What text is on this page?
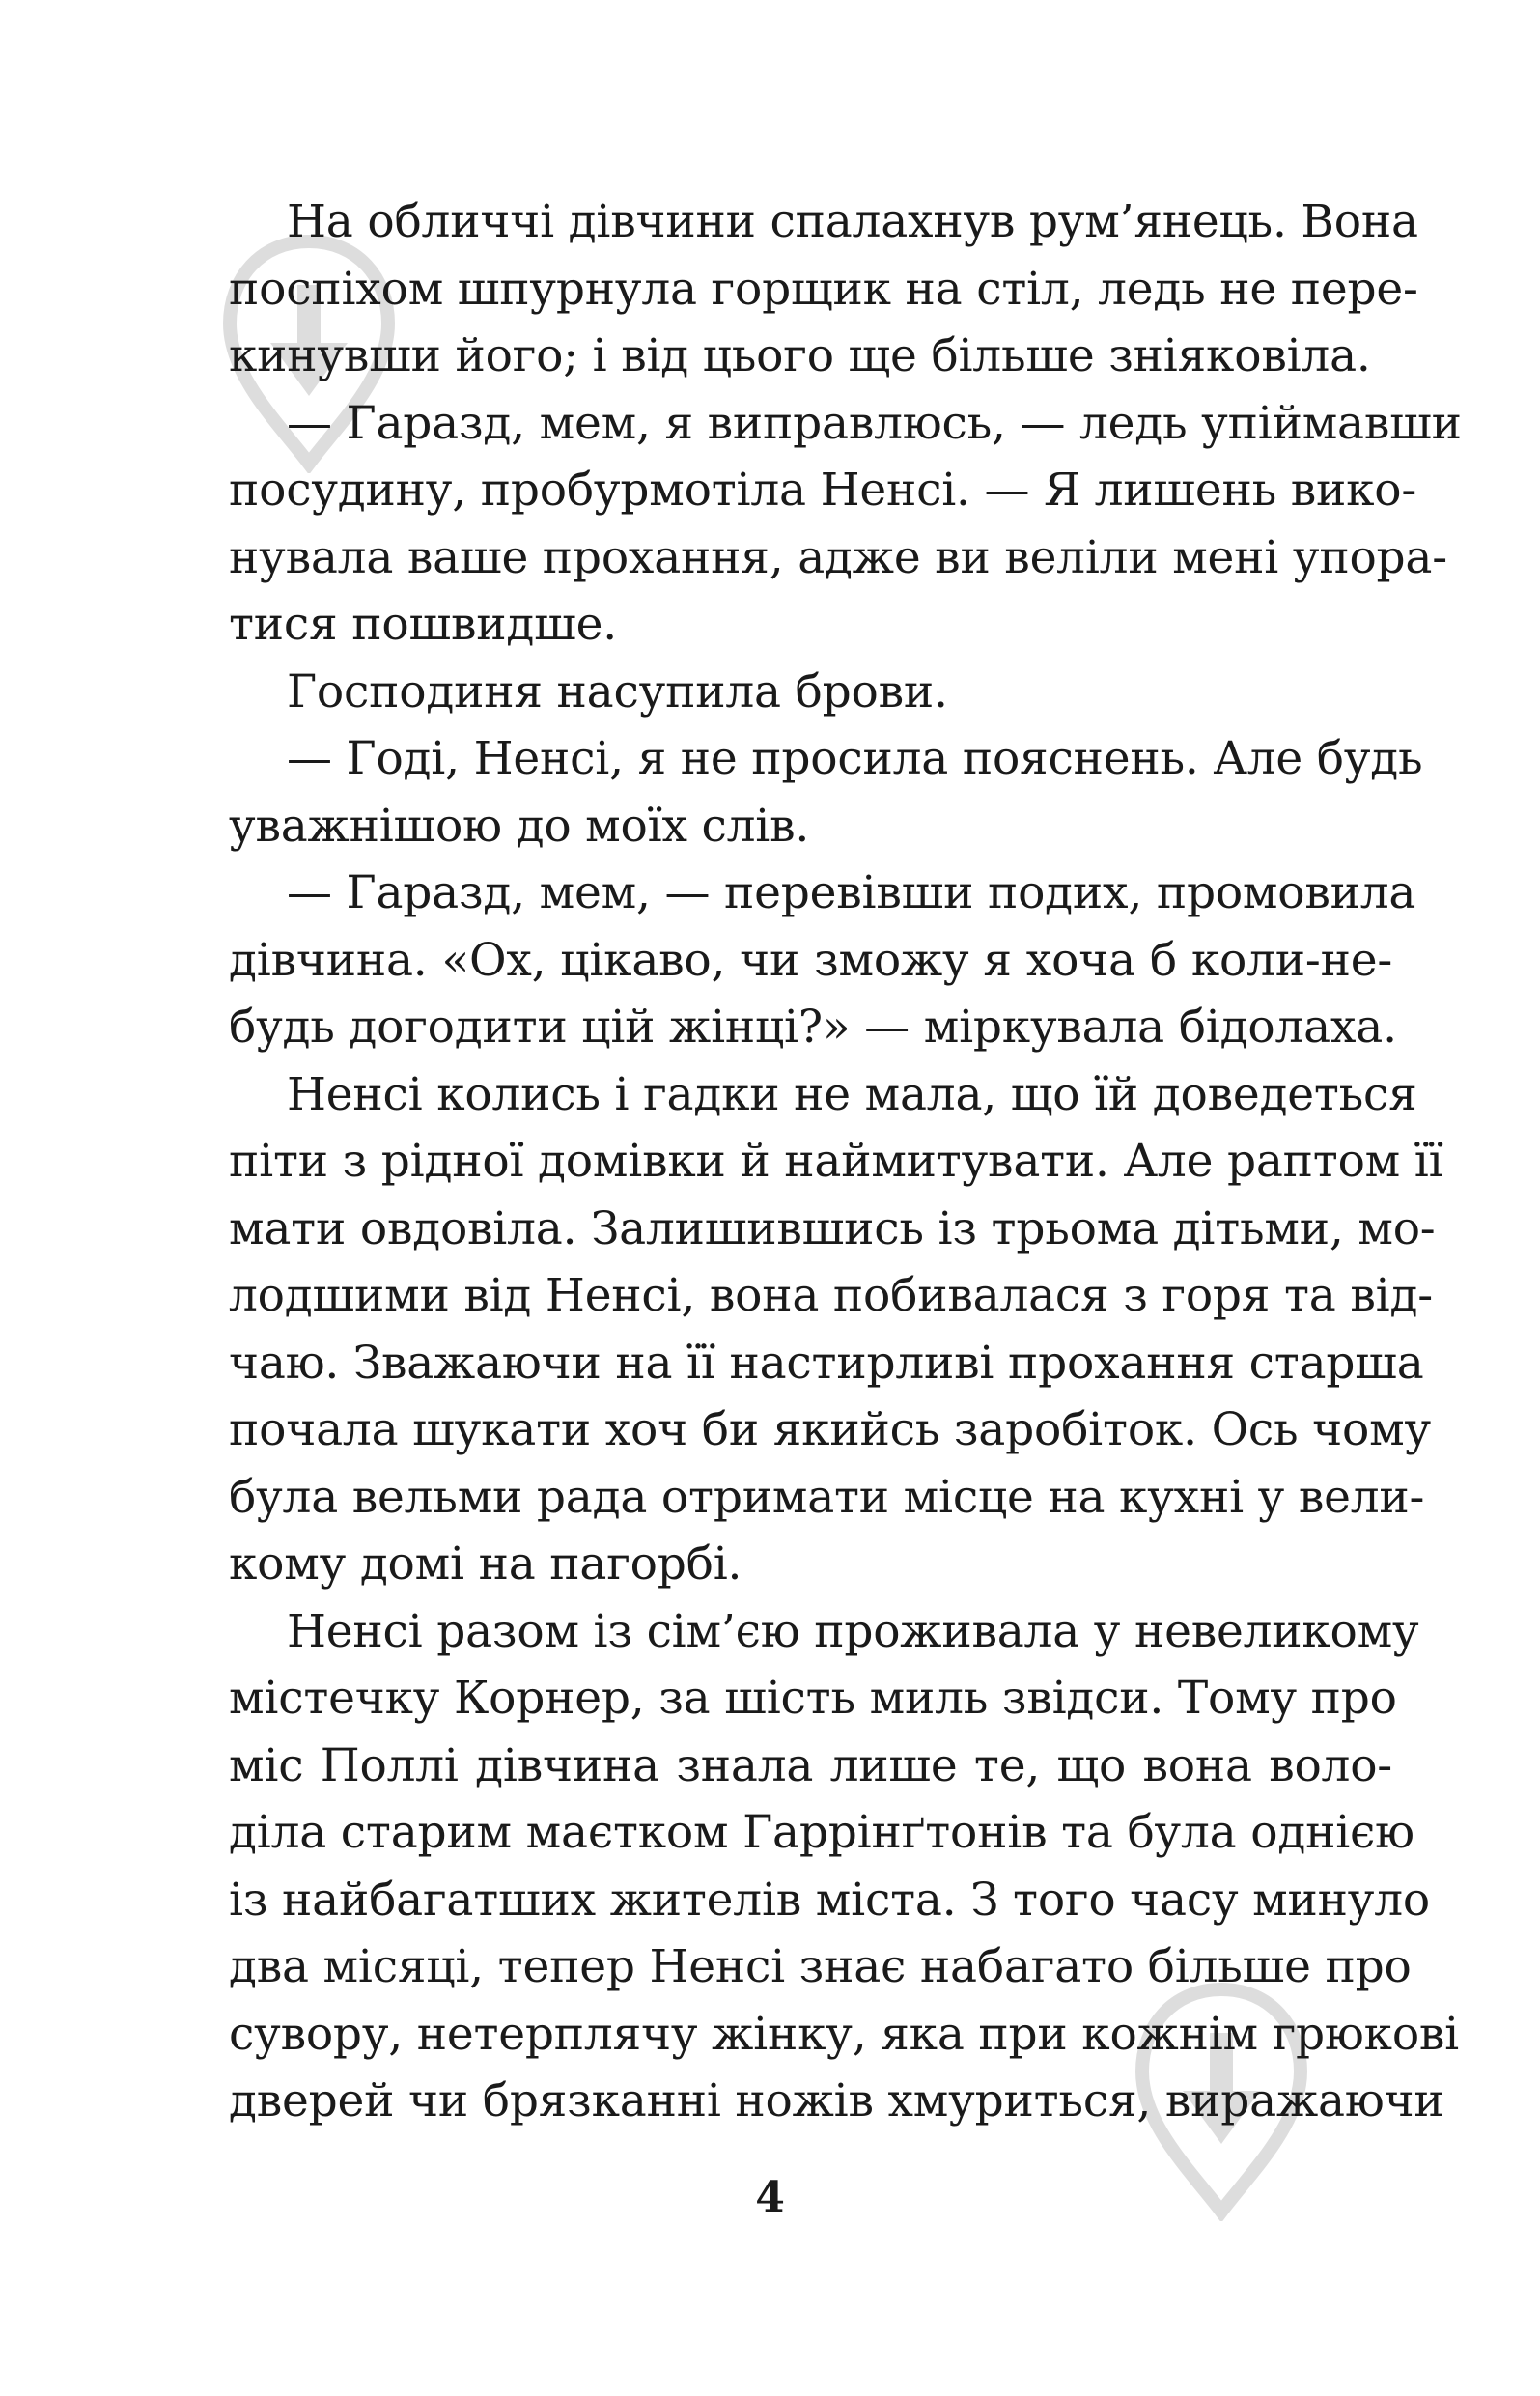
На обличчі дівчини спалахнув рум’янець. Вона
поспіхом шпурнула горщик на стіл, ледь не пере-
кинувши його; і від цього ще більше зніяковіла.
— Гаразд, мем, я виправлюсь, — ледь упіймавши
посудину, пробурмотіла Ненсі. — Я лишень вико-
нувала ваше прохання, адже ви веліли мені упора-
тися пошвидше.
Господиня насупила брови.
— Годі, Ненсі, я не просила пояснень. Але будь
уважнішою до моїх слів.
— Гаразд, мем, — перевівши подих, промовила
дівчина. «Ох, цікаво, чи зможу я хоча б коли-не-
будь догодити цій жінці?» — міркувала бідолаха.
Ненсі колись і гадки не мала, що їй доведеться
піти з рідної домівки й наймитувати. Але раптом її
мати овдовіла. Залишившись із трьома дітьми, мо-
лодшими від Ненсі, вона побивалася з горя та від-
чаю. Зважаючи на її настирливі прохання старша
почала шукати хоч би якийсь заробіток. Ось чому
була вельми рада отримати місце на кухні у вели-
кому домі на пагорбі.
Ненсі разом із сім’єю проживала у невеликому
містечку Корнер, за шість миль звідси. Тому про
міс Поллі дівчина знала лише те, що вона воло-
діла старим маєтком Гаррінґтонів та була однією
із найбагатших жителів міста. З того часу минуло
два місяці, тепер Ненсі знає набагато більше про
сувору, нетерплячу жінку, яка при кожнім грюкові
дверей чи брязканні ножів хмуриться, виражаючи
4
